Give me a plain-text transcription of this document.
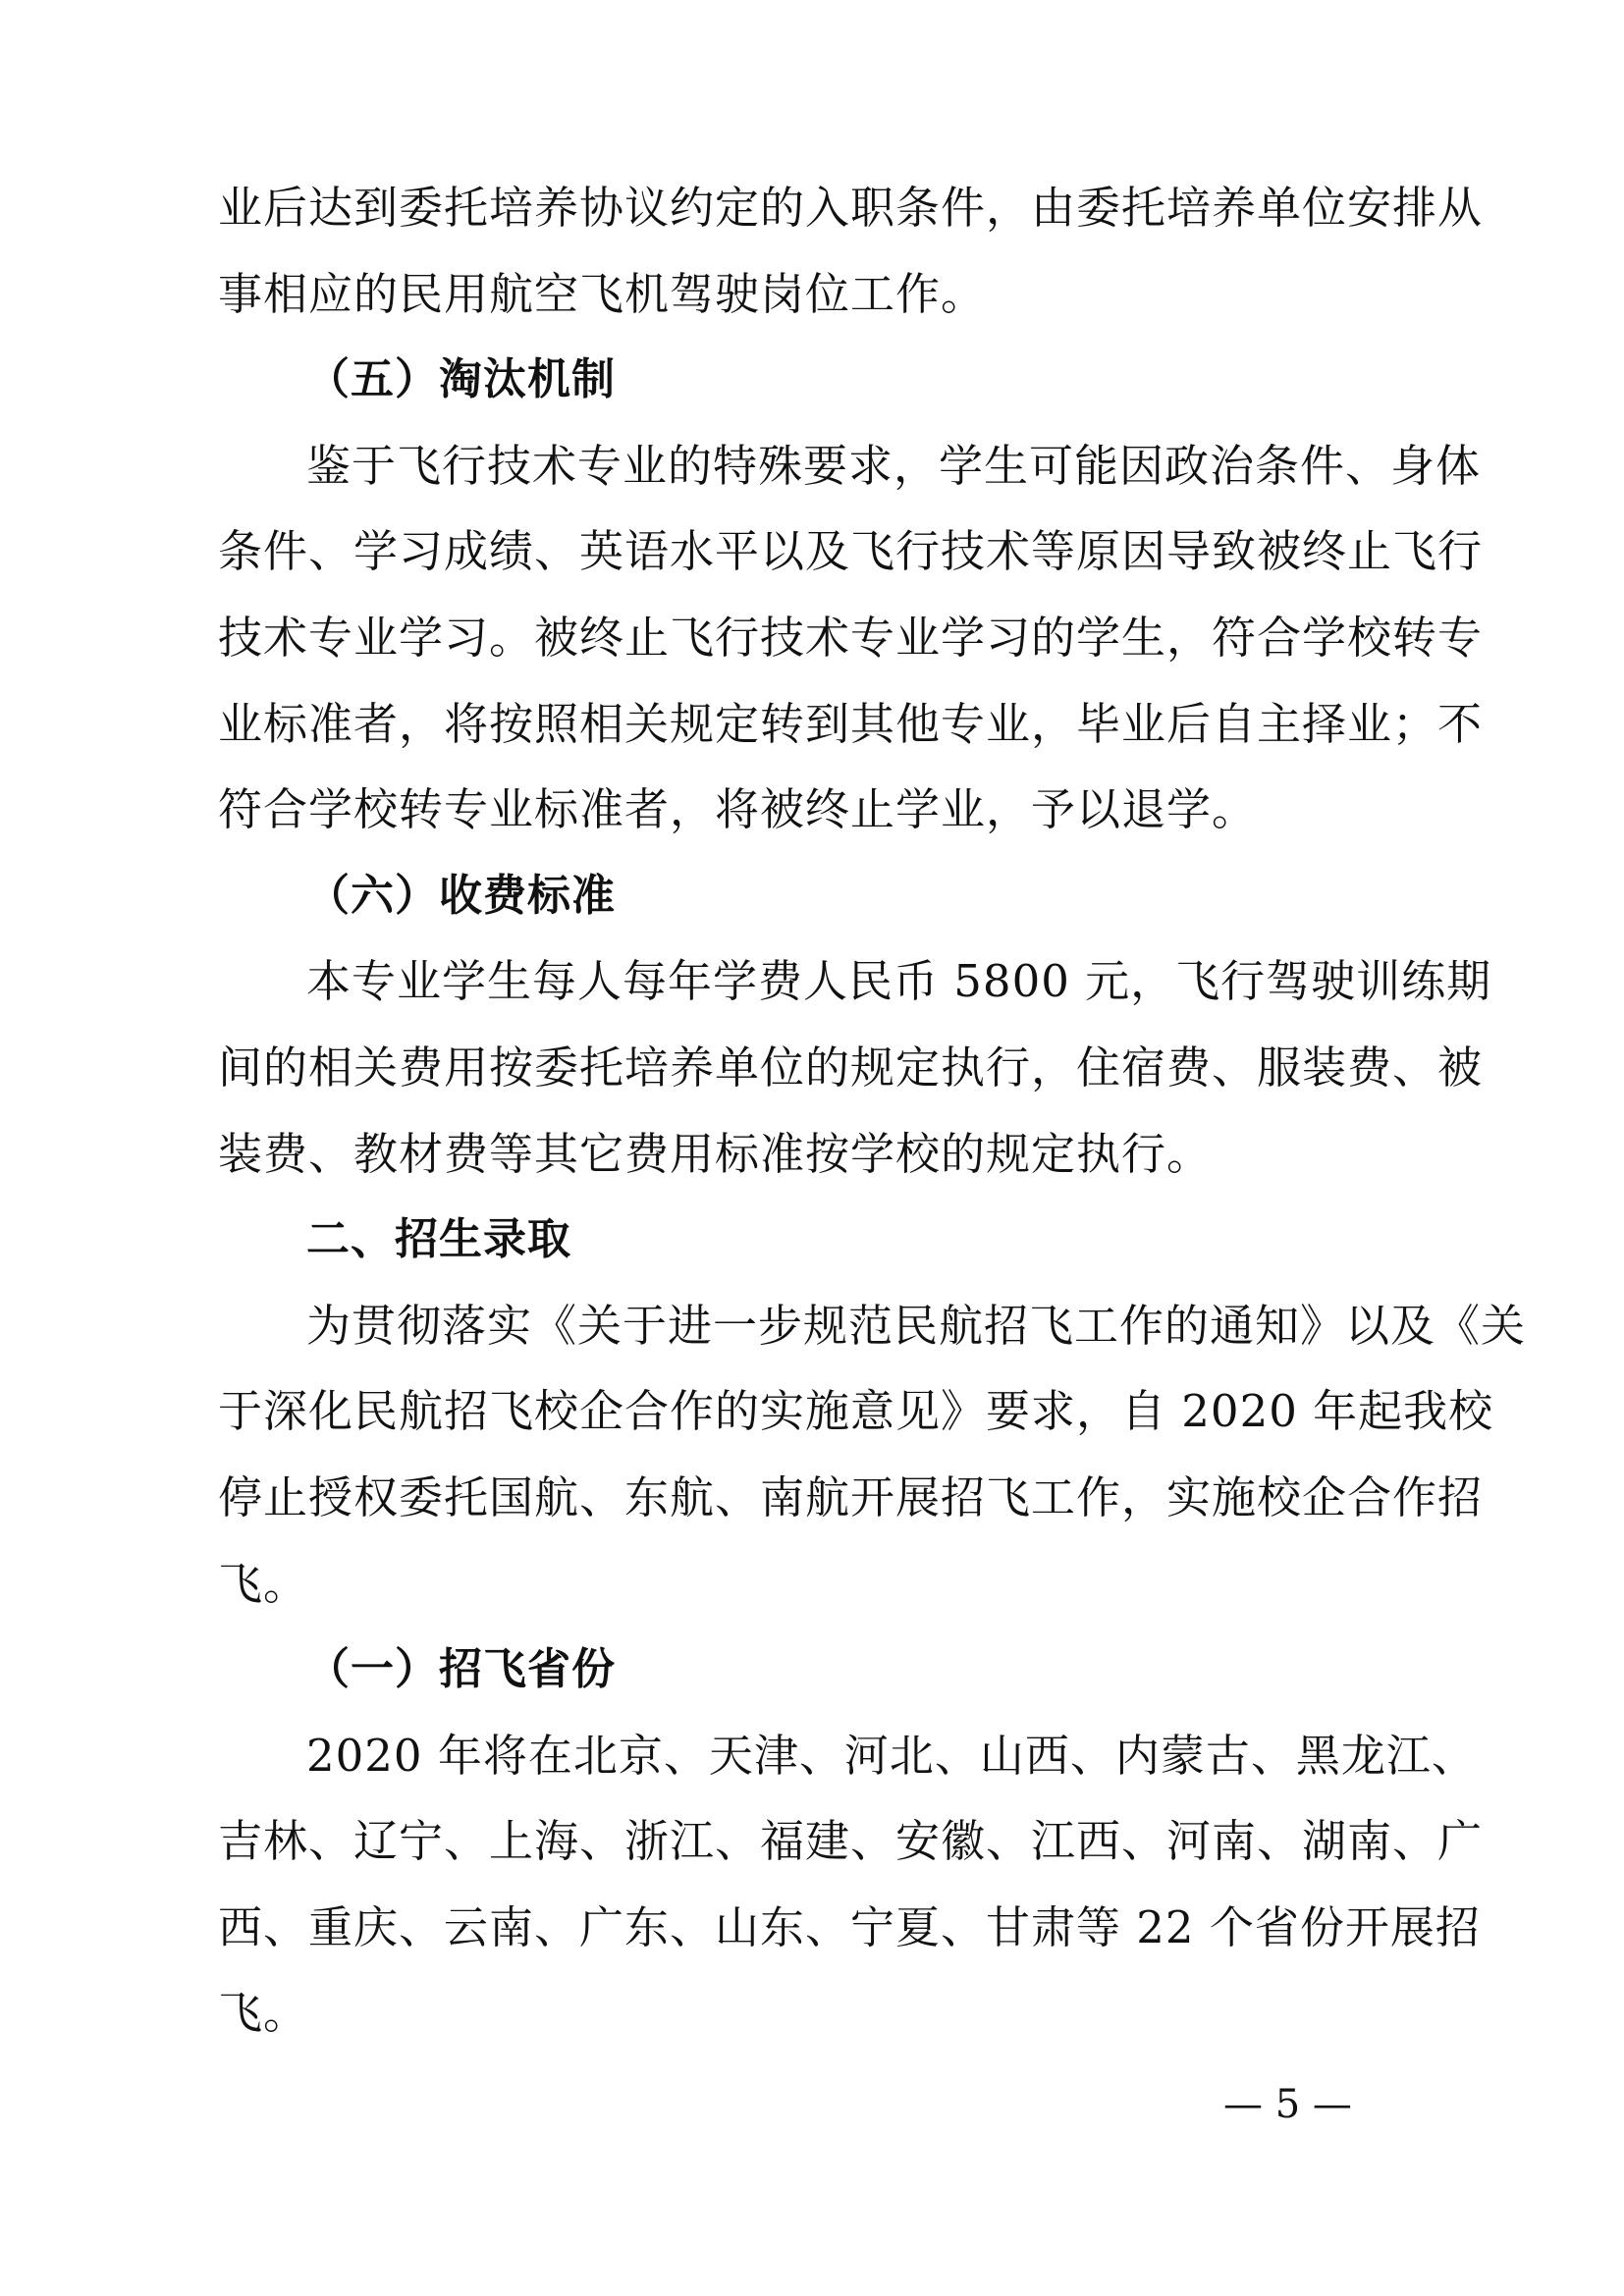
业后达到委托培养协议约定的入职条件，由委托培养单位安排从
事相应的民用航空飞机驾驶岗位工作。
（五）淘汰机制
鉴于飞行技术专业的特殊要求，学生可能因政治条件、身体
条件、学习成绩、英语水平以及飞行技术等原因导致被终止飞行
技术专业学习。被终止飞行技术专业学习的学生，符合学校转专
业标准者，将按照相关规定转到其他专业，毕业后自主择业；不
符合学校转专业标准者，将被终止学业，予以退学。
（六）收费标准
本专业学生每人每年学费人民币 5800 元，飞行驾驶训练期
间的相关费用按委托培养单位的规定执行，住宿费、服装费、被
装费、教材费等其它费用标准按学校的规定执行。
二、招生录取
为贯彻落实《关于进一步规范民航招飞工作的通知》以及《关
于深化民航招飞校企合作的实施意见》要求，自 2020 年起我校
停止授权委托国航、东航、南航开展招飞工作，实施校企合作招
飞。
（一）招飞省份
2020 年将在北京、天津、河北、山西、内蒙古、黑龙江、
吉林、辽宁、上海、浙江、福建、安徽、江西、河南、湖南、广
西、重庆、云南、广东、山东、宁夏、甘肃等 22 个省份开展招
飞。
— 5 —
